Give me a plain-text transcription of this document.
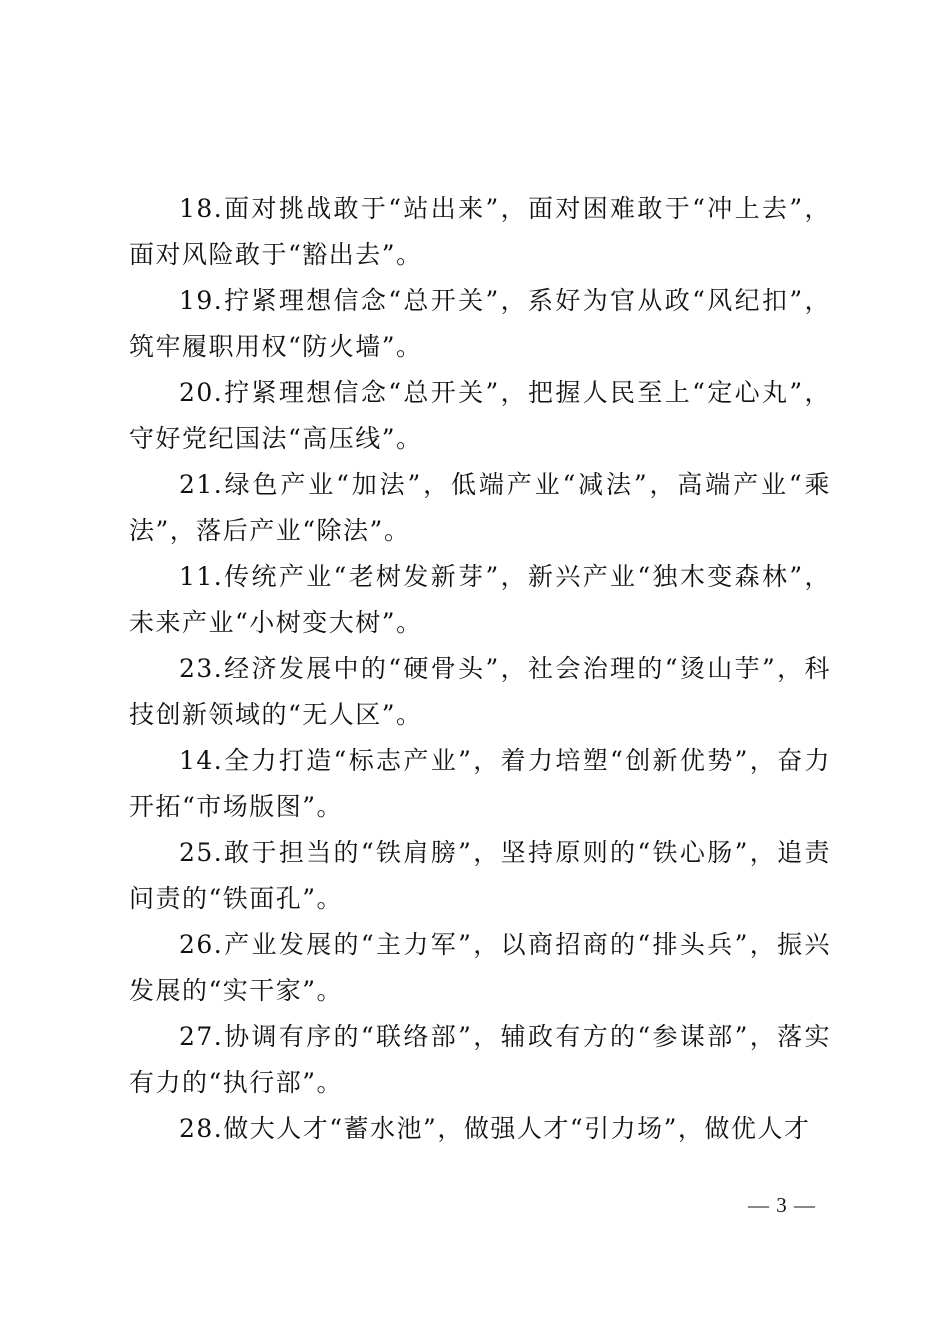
18.面对挑战敢于“站出来”，面对困难敢于“冲上去”，面对风险敢于“豁出去”。

19.拧紧理想信念“总开关”，系好为官从政“风纪扣”，筑牢履职用权“防火墙”。

20.拧紧理想信念“总开关”，把握人民至上“定心丸”，守好党纪国法“高压线”。

21.绿色产业“加法”，低端产业“减法”，高端产业“乘法”，落后产业“除法”。

11.传统产业“老树发新芽”，新兴产业“独木变森林”，未来产业“小树变大树”。

23.经济发展中的“硬骨头”，社会治理的“烫山芋”，科技创新领域的“无人区”。

14.全力打造“标志产业”，着力培塑“创新优势”，奋力开拓“市场版图”。

25.敢于担当的“铁肩膀”，坚持原则的“铁心肠”，追责问责的“铁面孔”。

26.产业发展的“主力军”，以商招商的“排头兵”，振兴发展的“实干家”。

27.协调有序的“联络部”，辅政有方的“参谋部”，落实有力的“执行部”。

28.做大人才“蓄水池”，做强人才“引力场”，做优人才

— 3 —
